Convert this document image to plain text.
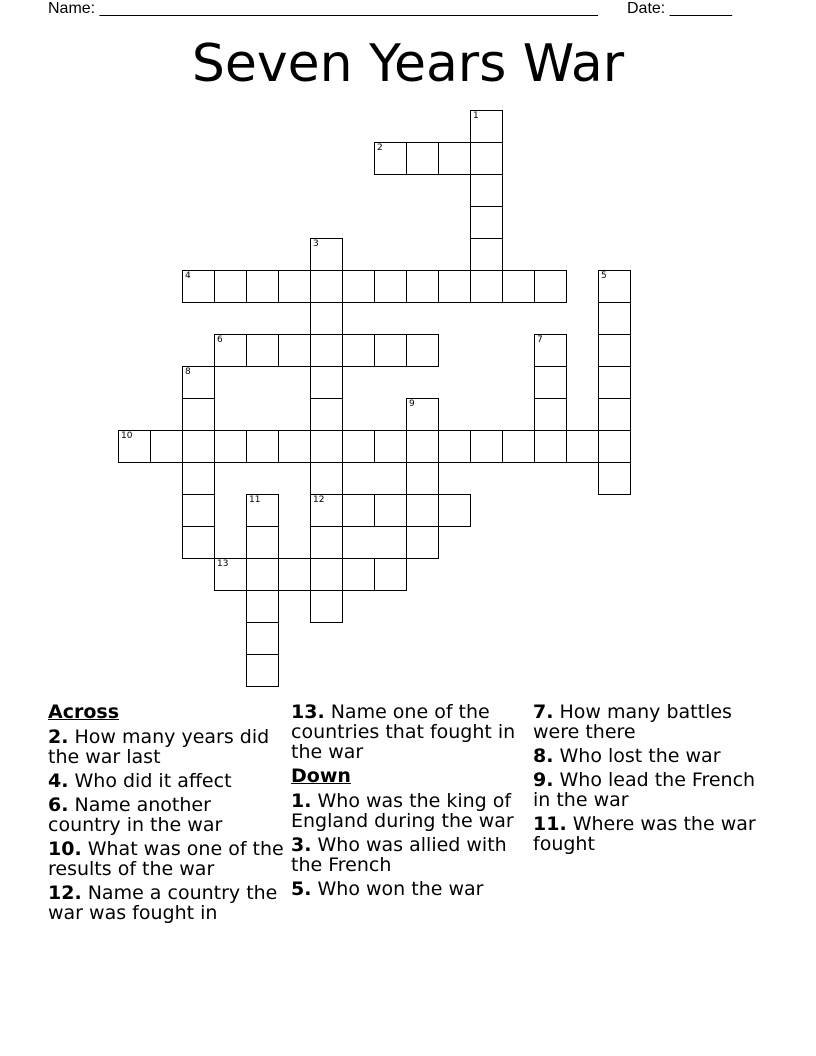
Name: ________________________________________________________ Date: _______
Seven Years War
1
2
3
12
4	5
6	7
8
9
10
11
13
Across
2. How many years did the war last
4. Who did it affect
6. Name another country in the war
10. What was one of the results of the war
12. Name a country the war was fought in
13. Name one of the countries that fought in the war
Down
1. Who was the king of England during the war
3. Who was allied with the French
5. Who won the war
7. How many battles were there
8. Who lost the war
9. Who lead the French in the war
11. Where was the war fought
